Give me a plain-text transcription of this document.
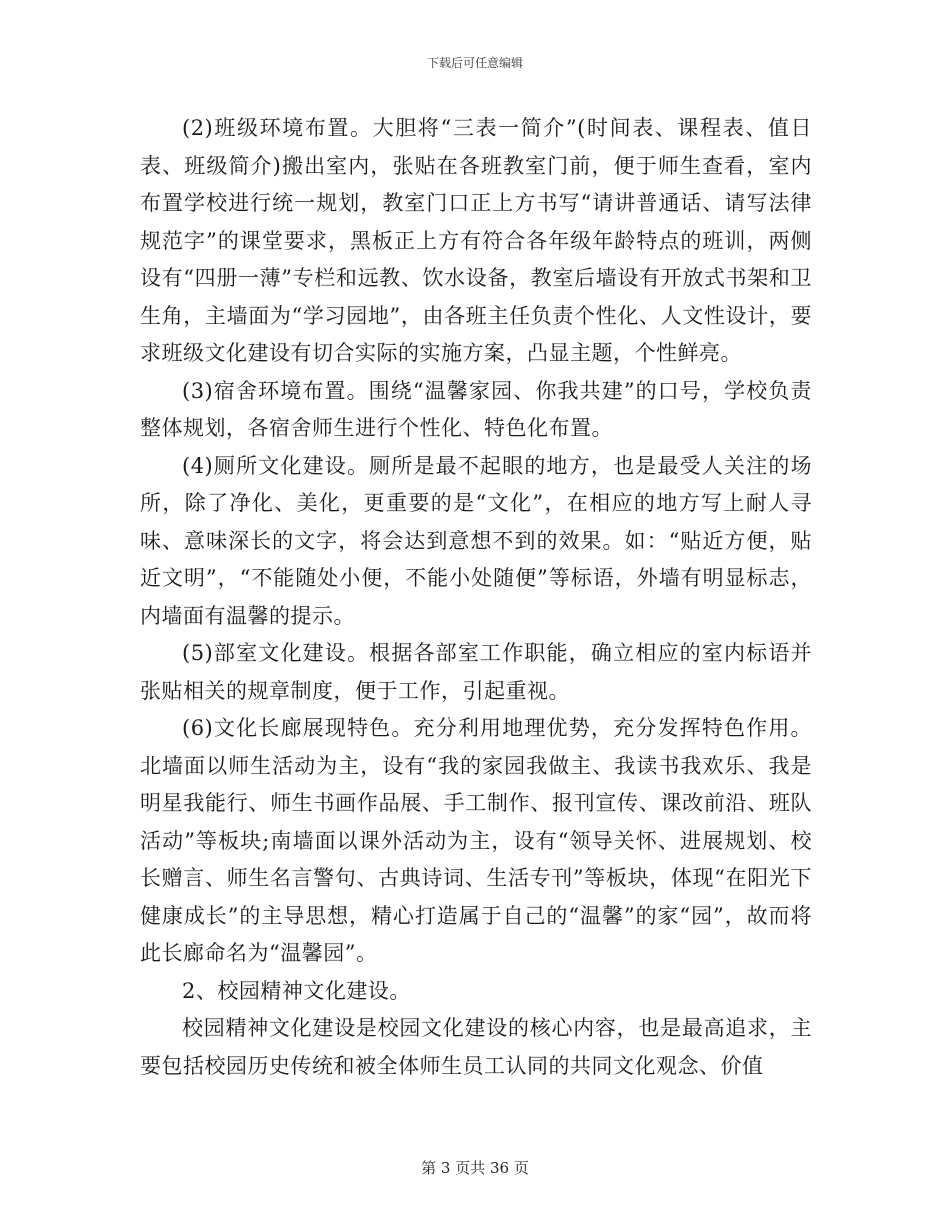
下载后可任意编辑

(2)班级环境布置。大胆将“三表一简介”(时间表、课程表、值日表、班级简介)搬出室内，张贴在各班教室门前，便于师生查看，室内布置学校进行统一规划，教室门口正上方书写“请讲普通话、请写法律规范字”的课堂要求，黑板正上方有符合各年级年龄特点的班训，两侧设有“四册一薄”专栏和远教、饮水设备，教室后墙设有开放式书架和卫生角，主墙面为“学习园地”，由各班主任负责个性化、人文性设计，要求班级文化建设有切合实际的实施方案，凸显主题，个性鲜亮。

(3)宿舍环境布置。围绕“温馨家园、你我共建”的口号，学校负责整体规划，各宿舍师生进行个性化、特色化布置。

(4)厕所文化建设。厕所是最不起眼的地方，也是最受人关注的场所，除了净化、美化，更重要的是“文化”，在相应的地方写上耐人寻味、意味深长的文字，将会达到意想不到的效果。如：“贴近方便，贴近文明”，“不能随处小便，不能小处随便”等标语，外墙有明显标志，内墙面有温馨的提示。

(5)部室文化建设。根据各部室工作职能，确立相应的室内标语并张贴相关的规章制度，便于工作，引起重视。

(6)文化长廊展现特色。充分利用地理优势，充分发挥特色作用。北墙面以师生活动为主，设有“我的家园我做主、我读书我欢乐、我是明星我能行、师生书画作品展、手工制作、报刊宣传、课改前沿、班队活动”等板块;南墙面以课外活动为主，设有“领导关怀、进展规划、校长赠言、师生名言警句、古典诗词、生活专刊”等板块，体现“在阳光下健康成长”的主导思想，精心打造属于自己的“温馨”的家“园”，故而将此长廊命名为“温馨园”。

2、校园精神文化建设。

校园精神文化建设是校园文化建设的核心内容，也是最高追求，主要包括校园历史传统和被全体师生员工认同的共同文化观念、价值

第 3 页共 36 页
